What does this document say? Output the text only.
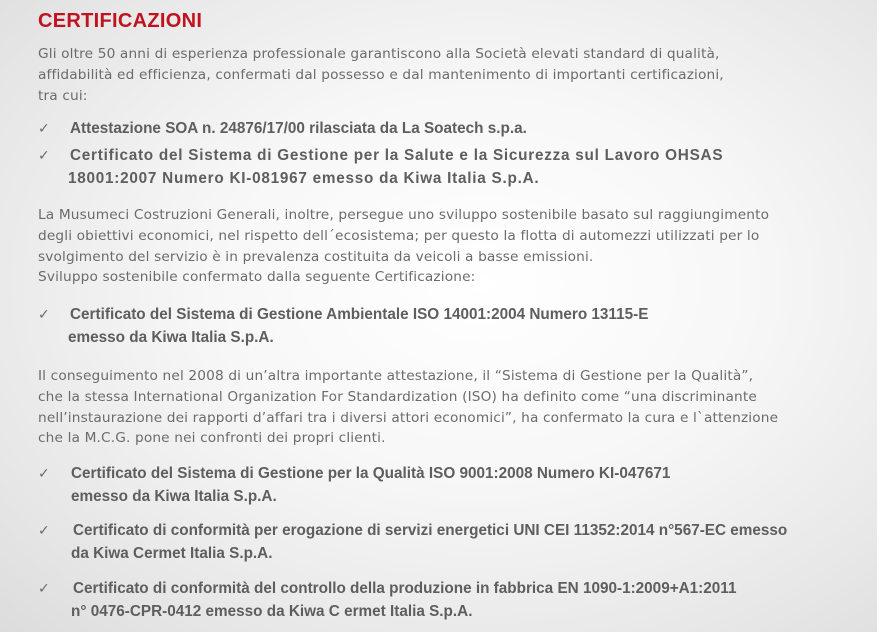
CERTIFICAZIONI
Gli oltre 50 anni di esperienza professionale garantiscono alla Società elevati standard di qualità,
affidabilità ed efficienza, confermati dal possesso e dal mantenimento di importanti certificazioni,
tra cui:
✓ Attestazione SOA n. 24876/17/00 rilasciata da La Soatech s.p.a.
✓ Certificato del Sistema di Gestione per la Salute e la Sicurezza sul Lavoro OHSAS
18001:2007 Numero KI-081967 emesso da Kiwa Italia S.p.A.
La Musumeci Costruzioni Generali, inoltre, persegue uno sviluppo sostenibile basato sul raggiungimento
degli obiettivi economici, nel rispetto dell´ecosistema; per questo la flotta di automezzi utilizzati per lo
svolgimento del servizio è in prevalenza costituita da veicoli a basse emissioni.
Sviluppo sostenibile confermato dalla seguente Certificazione:
✓ Certificato del Sistema di Gestione Ambientale ISO 14001:2004 Numero 13115-E
emesso da Kiwa Italia S.p.A.
Il conseguimento nel 2008 di un’altra importante attestazione, il “Sistema di Gestione per la Qualità”,
che la stessa International Organization For Standardization (ISO) ha definito come “una discriminante
nell’instaurazione dei rapporti d’affari tra i diversi attori economici”, ha confermato la cura e l`attenzione
che la M.C.G. pone nei confronti dei propri clienti.
✓ Certificato del Sistema di Gestione per la Qualità ISO 9001:2008 Numero KI-047671
emesso da Kiwa Italia S.p.A.
✓ Certificato di conformità per erogazione di servizi energetici UNI CEI 11352:2014 n°567-EC emesso
da Kiwa Cermet Italia S.p.A.
✓ Certificato di conformità del controllo della produzione in fabbrica EN 1090-1:2009+A1:2011
n° 0476-CPR-0412 emesso da Kiwa C ermet Italia S.p.A.
